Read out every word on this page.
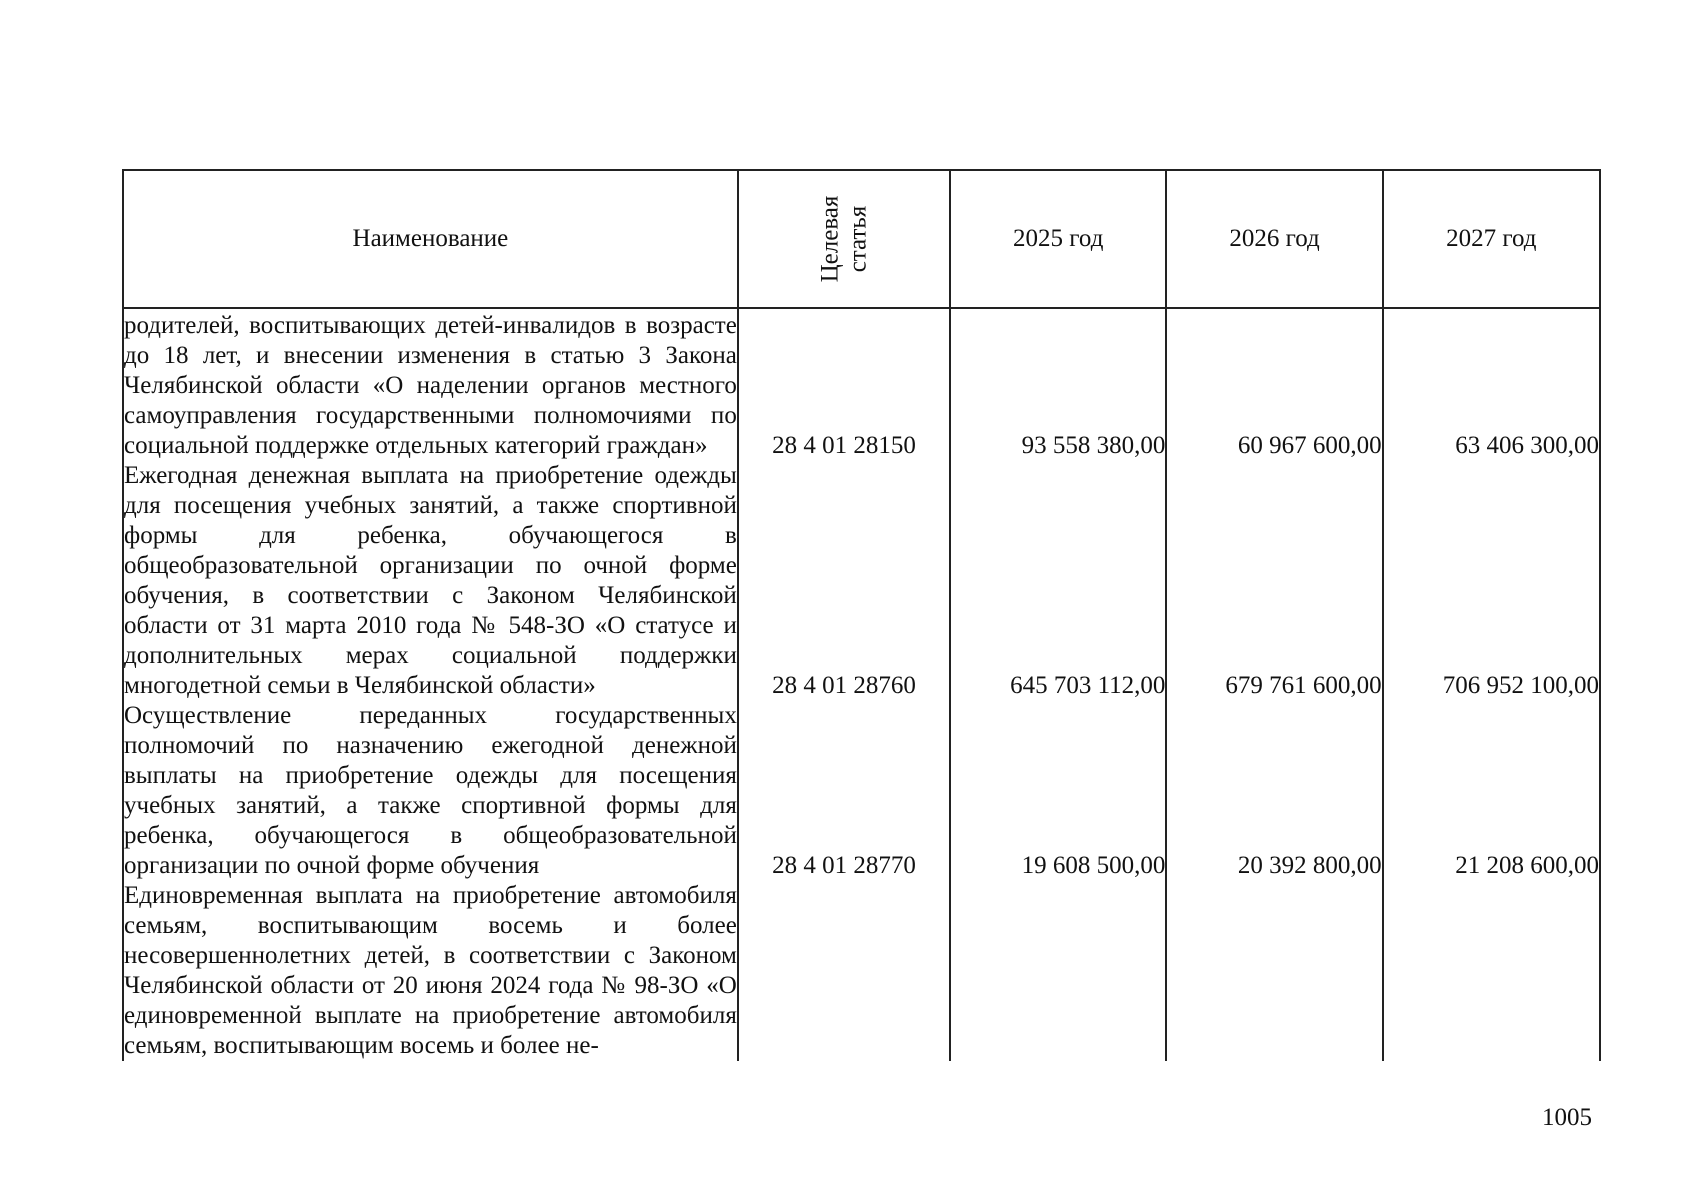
Наименование	Целевая статья	2025 год	2026 год	2027 год
родителей, воспитывающих детей-инвалидов в возрасте до 18 лет, и внесении изменения в статью 3 Закона Челябинской области «О наделении органов местного самоуправления государственными полномочиями по социальной поддержке отдельных категорий граждан»	28 4 01 28150	93 558 380,00	60 967 600,00	63 406 300,00
Ежегодная денежная выплата на приобретение одежды для посещения учебных занятий, а также спортивной формы для ребенка, обучающегося в общеобразовательной организации по очной форме обучения, в соответствии с Законом Челябинской области от 31 марта 2010 года № 548-ЗО «О статусе и дополнительных мерах социальной поддержки многодетной семьи в Челябинской области»	28 4 01 28760	645 703 112,00	679 761 600,00	706 952 100,00
Осуществление переданных государственных полномочий по назначению ежегодной денежной выплаты на приобретение одежды для посещения учебных занятий, а также спортивной формы для ребенка, обучающегося в общеобразовательной организации по очной форме обучения	28 4 01 28770	19 608 500,00	20 392 800,00	21 208 600,00
Единовременная выплата на приобретение автомобиля семьям, воспитывающим восемь и более несовершеннолетних детей, в соответствии с Законом Челябинской области от 20 июня 2024 года № 98-ЗО «О единовременной выплате на приобретение автомобиля семьям, воспитывающим восемь и более не-				
1005
